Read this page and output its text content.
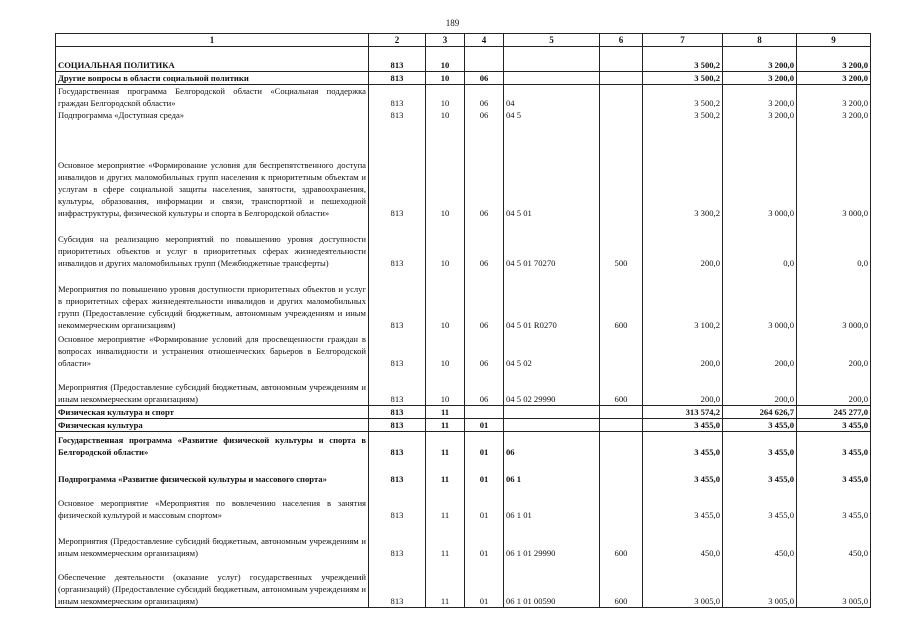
189
1	2	3	4	5	6	7	8	9
СОЦИАЛЬНАЯ ПОЛИТИКА	813	10				3 500,2	3 200,0	3 200,0
Другие вопросы в области социальной политики	813	10	06			3 500,2	3 200,0	3 200,0
Государственная программа Белгородской области «Социальная поддержка граждан Белгородской области»	813	10	06	04		3 500,2	3 200,0	3 200,0
Подпрограмма «Доступная среда»	813	10	06	04 5		3 500,2	3 200,0	3 200,0
Основное мероприятие «Формирование условия для беспрепятственного доступа инвалидов и других маломобильных групп населения к приоритетным объектам и услугам в сфере социальной защиты населения, занятости, здравоохранения, культуры, образования, информации и связи, транспортной и пешеходной инфраструктуры, физической культуры и спорта в Белгородской области»	813	10	06	04 5 01		3 300,2	3 000,0	3 000,0
Субсидия на реализацию мероприятий по повышению уровня доступности приоритетных объектов и услуг в приоритетных сферах жизнедеятельности инвалидов и других маломобильных групп (Межбюджетные трансферты)	813	10	06	04 5 01 70270	500	200,0	0,0	0,0
Мероприятия по повышению уровня доступности приоритетных объектов и услуг в приоритетных сферах жизнедеятельности инвалидов и других маломобильных групп (Предоставление субсидий бюджетным, автономным учреждениям и иным некоммерческим организациям)	813	10	06	04 5 01 R0270	600	3 100,2	3 000,0	3 000,0
Основное мероприятие «Формирование условий для просвещенности граждан в вопросах инвалидности и устранения отношенческих барьеров в Белгородской области»	813	10	06	04 5 02		200,0	200,0	200,0
Мероприятия (Предоставление субсидий бюджетным, автономным учреждениям и иным некоммерческим организациям)	813	10	06	04 5 02 29990	600	200,0	200,0	200,0
Физическая культура и спорт	813	11				313 574,2	264 626,7	245 277,0
Физическая культура	813	11	01			3 455,0	3 455,0	3 455,0
Государственная программа «Развитие физической культуры и спорта в Белгородской области»	813	11	01	06		3 455,0	3 455,0	3 455,0
Подпрограмма «Развитие физической культуры и массового спорта»	813	11	01	06 1		3 455,0	3 455,0	3 455,0
Основное мероприятие «Мероприятия по вовлечению населения в занятия физической культурой и массовым спортом»	813	11	01	06 1 01		3 455,0	3 455,0	3 455,0
Мероприятия (Предоставление субсидий бюджетным, автономным учреждениям и иным некоммерческим организациям)	813	11	01	06 1 01 29990	600	450,0	450,0	450,0
Обеспечение деятельности (оказание услуг) государственных учреждений (организаций) (Предоставление субсидий бюджетным, автономным учреждениям и иным некоммерческим организациям)	813	11	01	06 1 01 00590	600	3 005,0	3 005,0	3 005,0
